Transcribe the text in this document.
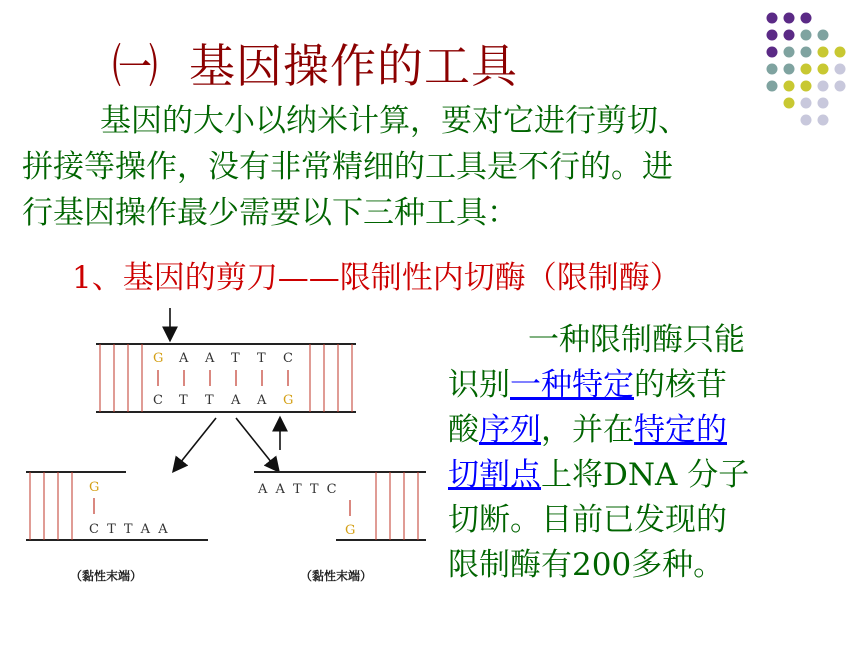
㈠ 基因操作的工具
基因的大小以纳米计算，要对它进行剪切、
拼接等操作，没有非常精细的工具是不行的。进
行基因操作最少需要以下三种工具：
1、基因的剪刀——限制性内切酶（限制酶）
G A A T T C
C T T A A G
G
C T T A A
A A T T C
G
（黏性末端）	（黏性末端）
一种限制酶只能
识别一种特定的核苷
酸序列，并在特定的
切割点上将DNA 分子
切断。目前已发现的
限制酶有200多种。
